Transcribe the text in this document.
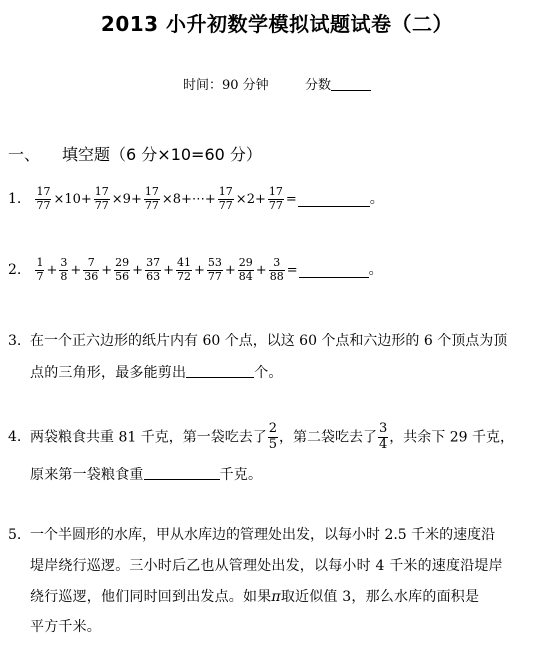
2013 小升初数学模拟试题试卷（二）
时间：90 分钟	分数
一、 填空题（6 分×10=60 分）
1. $\frac{17}{77} \times 10+ \frac{17}{77} \times 9+ \frac{17}{77}$ ×8+⋯+ $\frac{17}{77} \times 2+ \frac{17}{77}$ =	。
2. $\frac{1}{7} + \frac{3}{8} + \frac{7}{36} + \frac{29}{56} + \frac{37}{63} + \frac{41}{72} + \frac{53}{77} + \frac{29}{84} + \frac{3}{88}$ =	。
3. 在一个正六边形的纸片内有 60 个点，以这 60 个点和六边形的 6 个顶点为顶
点的三角形，最多能剪出	个。
4. 两袋粮食共重 81 千克，第一袋吃去了 $\frac{2}{5}$ ，第二袋吃去了 $\frac{3}{4}$ ，共余下 29 千克，
原来第一袋粮食重	千克。
5. 一个半圆形的水库，甲从水库边的管理处出发，以每小时 2.5 千米的速度沿
堤岸绕行巡逻。三小时后乙也从管理处出发，以每小时 4 千米的速度沿堤岸
绕行巡逻，他们同时回到出发点。如果π取近似值 3，那么水库的面积是
平方千米。
